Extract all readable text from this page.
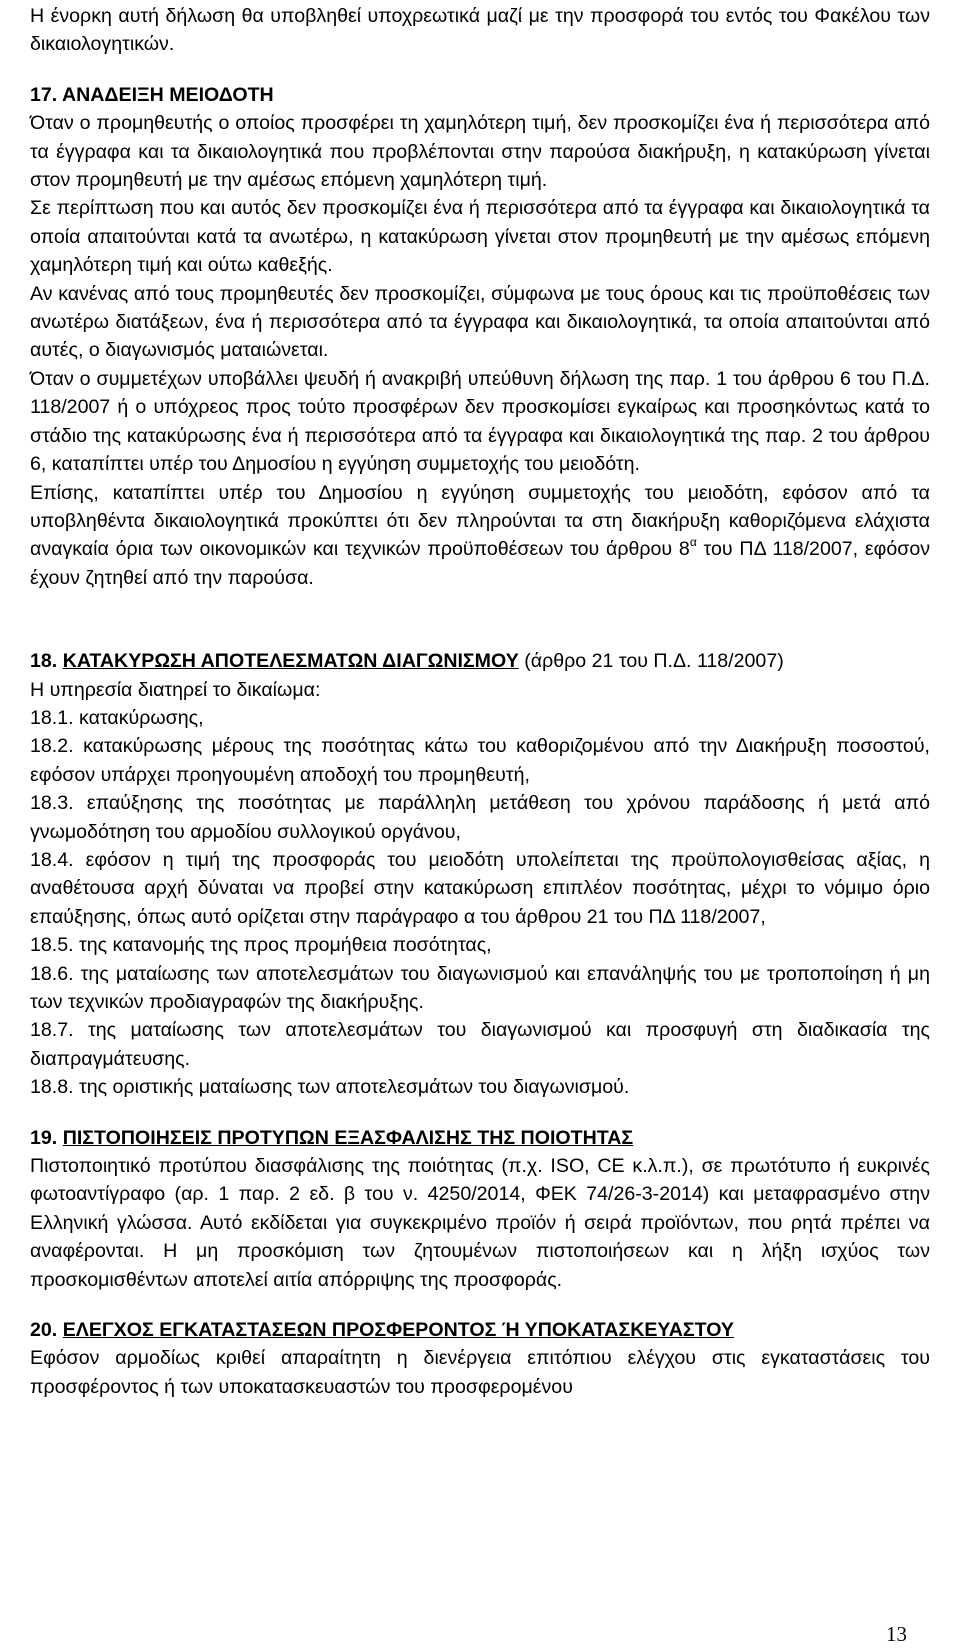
Η ένορκη αυτή δήλωση θα υποβληθεί υποχρεωτικά μαζί με την προσφορά του εντός του Φακέλου των δικαιολογητικών.

17. ΑΝΑΔΕΙΞΗ ΜΕΙΟΔΟΤΗ

Όταν ο προμηθευτής ο οποίος προσφέρει τη χαμηλότερη τιμή, δεν προσκομίζει ένα ή περισσότερα από τα έγγραφα και τα δικαιολογητικά που προβλέπονται στην παρούσα διακήρυξη, η κατακύρωση γίνεται στον προμηθευτή με την αμέσως επόμενη χαμηλότερη τιμή.

Σε περίπτωση που και αυτός δεν προσκομίζει ένα ή περισσότερα από τα έγγραφα και δικαιολογητικά τα οποία απαιτούνται κατά τα ανωτέρω, η κατακύρωση γίνεται στον προμηθευτή με την αμέσως επόμενη χαμηλότερη τιμή και ούτω καθεξής.

Αν κανένας από τους προμηθευτές δεν προσκομίζει, σύμφωνα με τους όρους και τις προϋποθέσεις των ανωτέρω διατάξεων, ένα ή περισσότερα από τα έγγραφα και δικαιολογητικά, τα οποία απαιτούνται από αυτές, ο διαγωνισμός ματαιώνεται.

Όταν ο συμμετέχων υποβάλλει ψευδή ή ανακριβή υπεύθυνη δήλωση της παρ. 1 του άρθρου 6 του Π.Δ. 118/2007 ή ο υπόχρεος προς τούτο προσφέρων δεν προσκομίσει εγκαίρως και προσηκόντως κατά το στάδιο της κατακύρωσης ένα ή περισσότερα από τα έγγραφα και δικαιολογητικά της παρ. 2 του άρθρου 6, καταπίπτει υπέρ του Δημοσίου η εγγύηση συμμετοχής του μειοδότη.

Επίσης, καταπίπτει υπέρ του Δημοσίου η εγγύηση συμμετοχής του μειοδότη, εφόσον από τα υποβληθέντα δικαιολογητικά προκύπτει ότι δεν πληρούνται τα στη διακήρυξη καθοριζόμενα ελάχιστα αναγκαία όρια των οικονομικών και τεχνικών προϋποθέσεων του άρθρου $8^\alpha$ του ΠΔ 118/2007, εφόσον έχουν ζητηθεί από την παρούσα.

18. ΚΑΤΑΚΥΡΩΣΗ ΑΠΟΤΕΛΕΣΜΑΤΩΝ ΔΙΑΓΩΝΙΣΜΟΥ (άρθρο 21 του Π.Δ. 118/2007)

Η υπηρεσία διατηρεί το δικαίωμα:

18.1. κατακύρωσης,

18.2. κατακύρωσης μέρους της ποσότητας κάτω του καθοριζομένου από την Διακήρυξη ποσοστού, εφόσον υπάρχει προηγουμένη αποδοχή του προμηθευτή,

18.3. επαύξησης της ποσότητας με παράλληλη μετάθεση του χρόνου παράδοσης ή μετά από γνωμοδότηση του αρμοδίου συλλογικού οργάνου,

18.4. εφόσον η τιμή της προσφοράς του μειοδότη υπολείπεται της προϋπολογισθείσας αξίας, η αναθέτουσα αρχή δύναται να προβεί στην κατακύρωση επιπλέον ποσότητας, μέχρι το νόμιμο όριο επαύξησης, όπως αυτό ορίζεται στην παράγραφο α του άρθρου 21 του ΠΔ 118/2007,

18.5. της κατανομής της προς προμήθεια ποσότητας,

18.6. της ματαίωσης των αποτελεσμάτων του διαγωνισμού και επανάληψής του με τροποποίηση ή μη των τεχνικών προδιαγραφών της διακήρυξης.

18.7. της ματαίωσης των αποτελεσμάτων του διαγωνισμού και προσφυγή στη διαδικασία της διαπραγμάτευσης.

18.8. της οριστικής ματαίωσης των αποτελεσμάτων του διαγωνισμού.

19. ΠΙΣΤΟΠΟΙΗΣΕΙΣ ΠΡΟΤΥΠΩΝ ΕΞΑΣΦΑΛΙΣΗΣ ΤΗΣ ΠΟΙΟΤΗΤΑΣ

Πιστοποιητικό προτύπου διασφάλισης της ποιότητας (π.χ. ISO, CE κ.λ.π.), σε πρωτότυπο ή ευκρινές φωτοαντίγραφο (αρ. 1 παρ. 2 εδ. β του ν. 4250/2014, ΦΕΚ 74/26-3-2014) και μεταφρασμένο στην Ελληνική γλώσσα. Αυτό εκδίδεται για συγκεκριμένο προϊόν ή σειρά προϊόντων, που ρητά πρέπει να αναφέρονται. Η μη προσκόμιση των ζητουμένων πιστοποιήσεων και η λήξη ισχύος των προσκομισθέντων αποτελεί αιτία απόρριψης της προσφοράς.

20. ΕΛΕΓΧΟΣ ΕΓΚΑΤΑΣΤΑΣΕΩΝ ΠΡΟΣΦΕΡΟΝΤΟΣ Ή ΥΠΟΚΑΤΑΣΚΕΥΑΣΤΟΥ

Εφόσον αρμοδίως κριθεί απαραίτητη η διενέργεια επιτόπιου ελέγχου στις εγκαταστάσεις του προσφέροντος ή των υποκατασκευαστών του προσφερομένου

13
